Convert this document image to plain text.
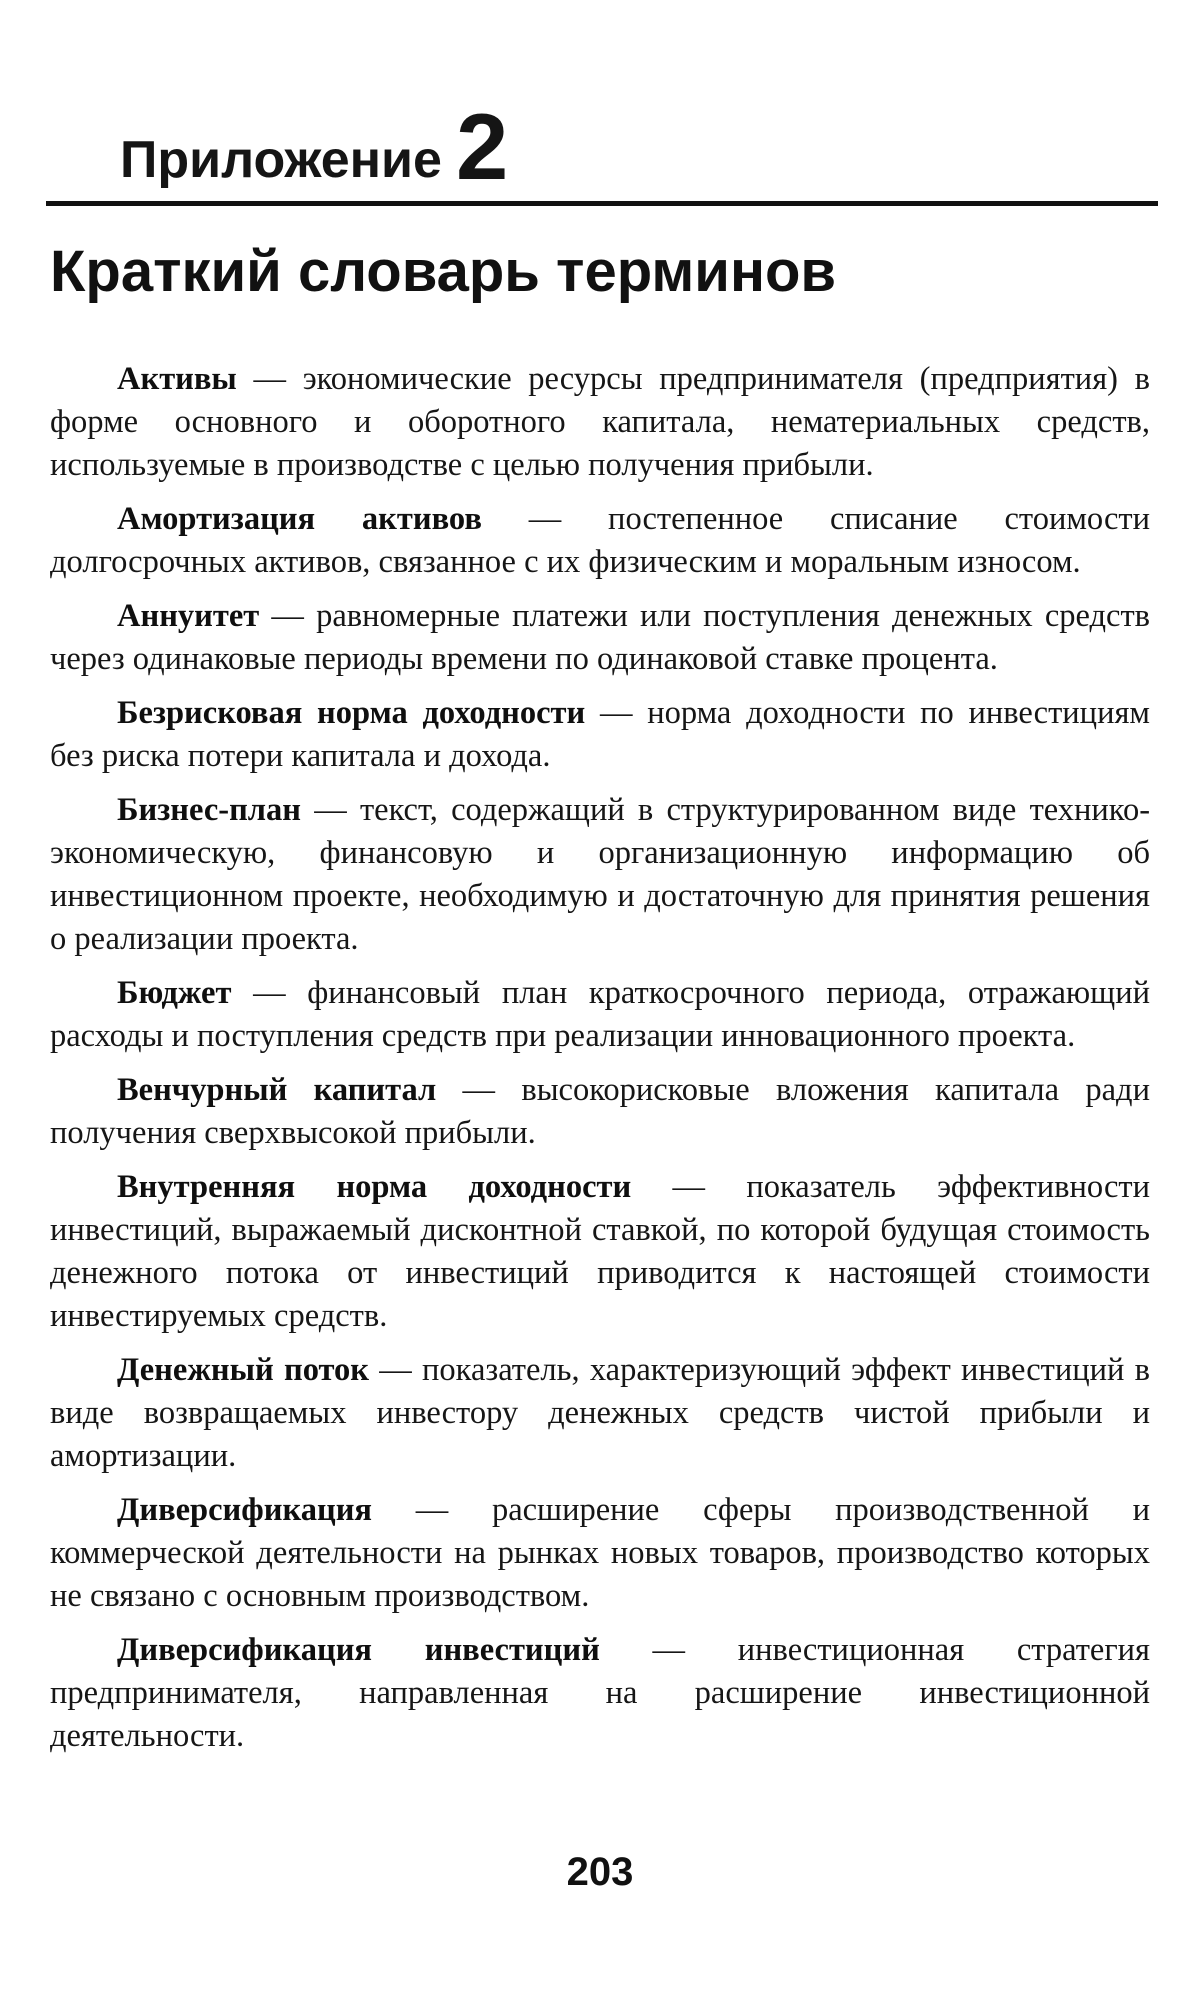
Приложение 2
Краткий словарь терминов

Активы — экономические ресурсы предпринимателя (предприятия) в форме основного и оборотного капитала, нематериальных средств, используемые в производстве с целью получения прибыли.

Амортизация активов — постепенное списание стоимости долгосрочных активов, связанное с их физическим и моральным износом.

Аннуитет — равномерные платежи или поступления денежных средств через одинаковые периоды времени по одинаковой ставке процента.

Безрисковая норма доходности — норма доходности по инвестициям без риска потери капитала и дохода.

Бизнес-план — текст, содержащий в структурированном виде технико-экономическую, финансовую и организационную информацию об инвестиционном проекте, необходимую и достаточную для принятия решения о реализации проекта.

Бюджет — финансовый план краткосрочного периода, отражающий расходы и поступления средств при реализации инновационного проекта.

Венчурный капитал — высокорисковые вложения капитала ради получения сверхвысокой прибыли.

Внутренняя норма доходности — показатель эффективности инвестиций, выражаемый дисконтной ставкой, по которой будущая стоимость денежного потока от инвестиций приводится к настоящей стоимости инвестируемых средств.

Денежный поток — показатель, характеризующий эффект инвестиций в виде возвращаемых инвестору денежных средств чистой прибыли и амортизации.

Диверсификация — расширение сферы производственной и коммерческой деятельности на рынках новых товаров, производство которых не связано с основным производством.

Диверсификация инвестиций — инвестиционная стратегия предпринимателя, направленная на расширение инвестиционной деятельности.

203
